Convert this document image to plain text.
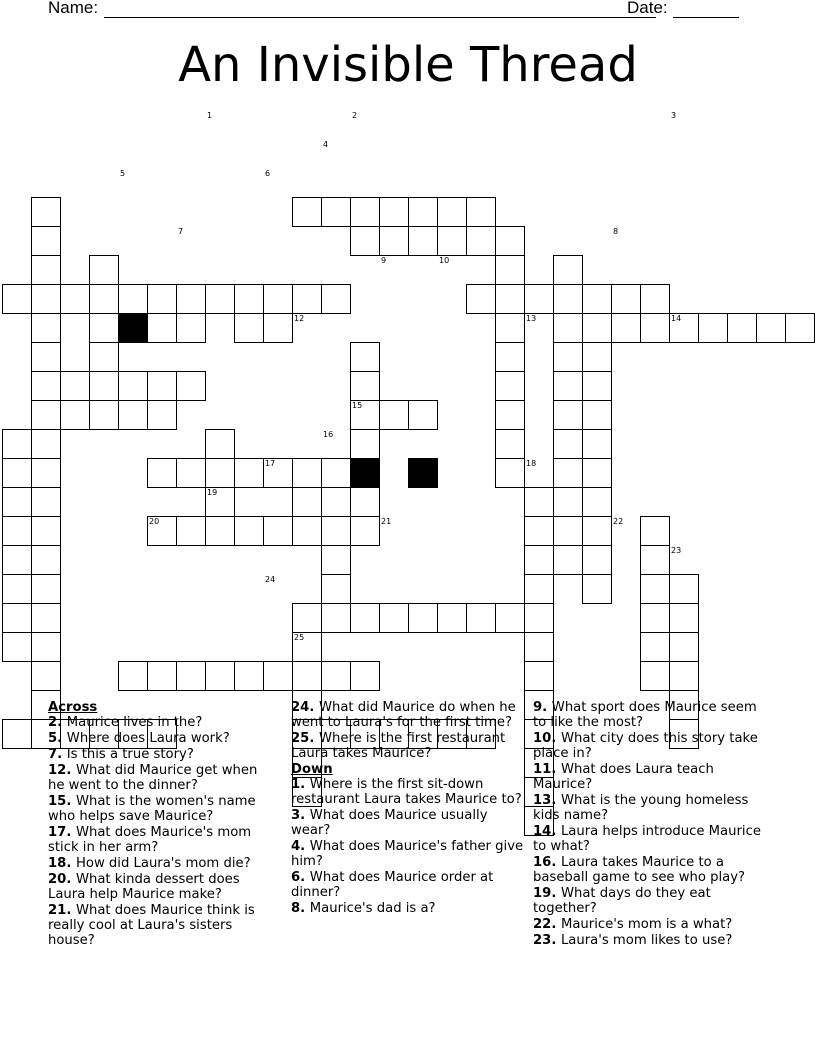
Name:	Date:
An Invisible Thread
1	2	3
4
5	6
7	8
9	10
11	12	13	14
15
16
17	18
19
20	21	22
23
24
25
Across
2. Maurice lives in the?
5. Where does Laura work?
7. Is this a true story?
12. What did Maurice get when he went to the dinner?
15. What is the women's name who helps save Maurice?
17. What does Maurice's mom stick in her arm?
18. How did Laura's mom die?
20. What kinda dessert does Laura help Maurice make?
21. What does Maurice think is really cool at Laura's sisters house?
24. What did Maurice do when he went to Laura's for the first time?
25. Where is the first restaurant Laura takes Maurice?
Down
1. Where is the first sit-down restaurant Laura takes Maurice to?
3. What does Maurice usually wear?
4. What does Maurice's father give him?
6. What does Maurice order at dinner?
8. Maurice's dad is a?
9. What sport does Maurice seem to like the most?
10. What city does this story take place in?
11. What does Laura teach Maurice?
13. What is the young homeless kids name?
14. Laura helps introduce Maurice to what?
16. Laura takes Maurice to a baseball game to see who play?
19. What days do they eat together?
22. Maurice's mom is a what?
23. Laura's mom likes to use?
